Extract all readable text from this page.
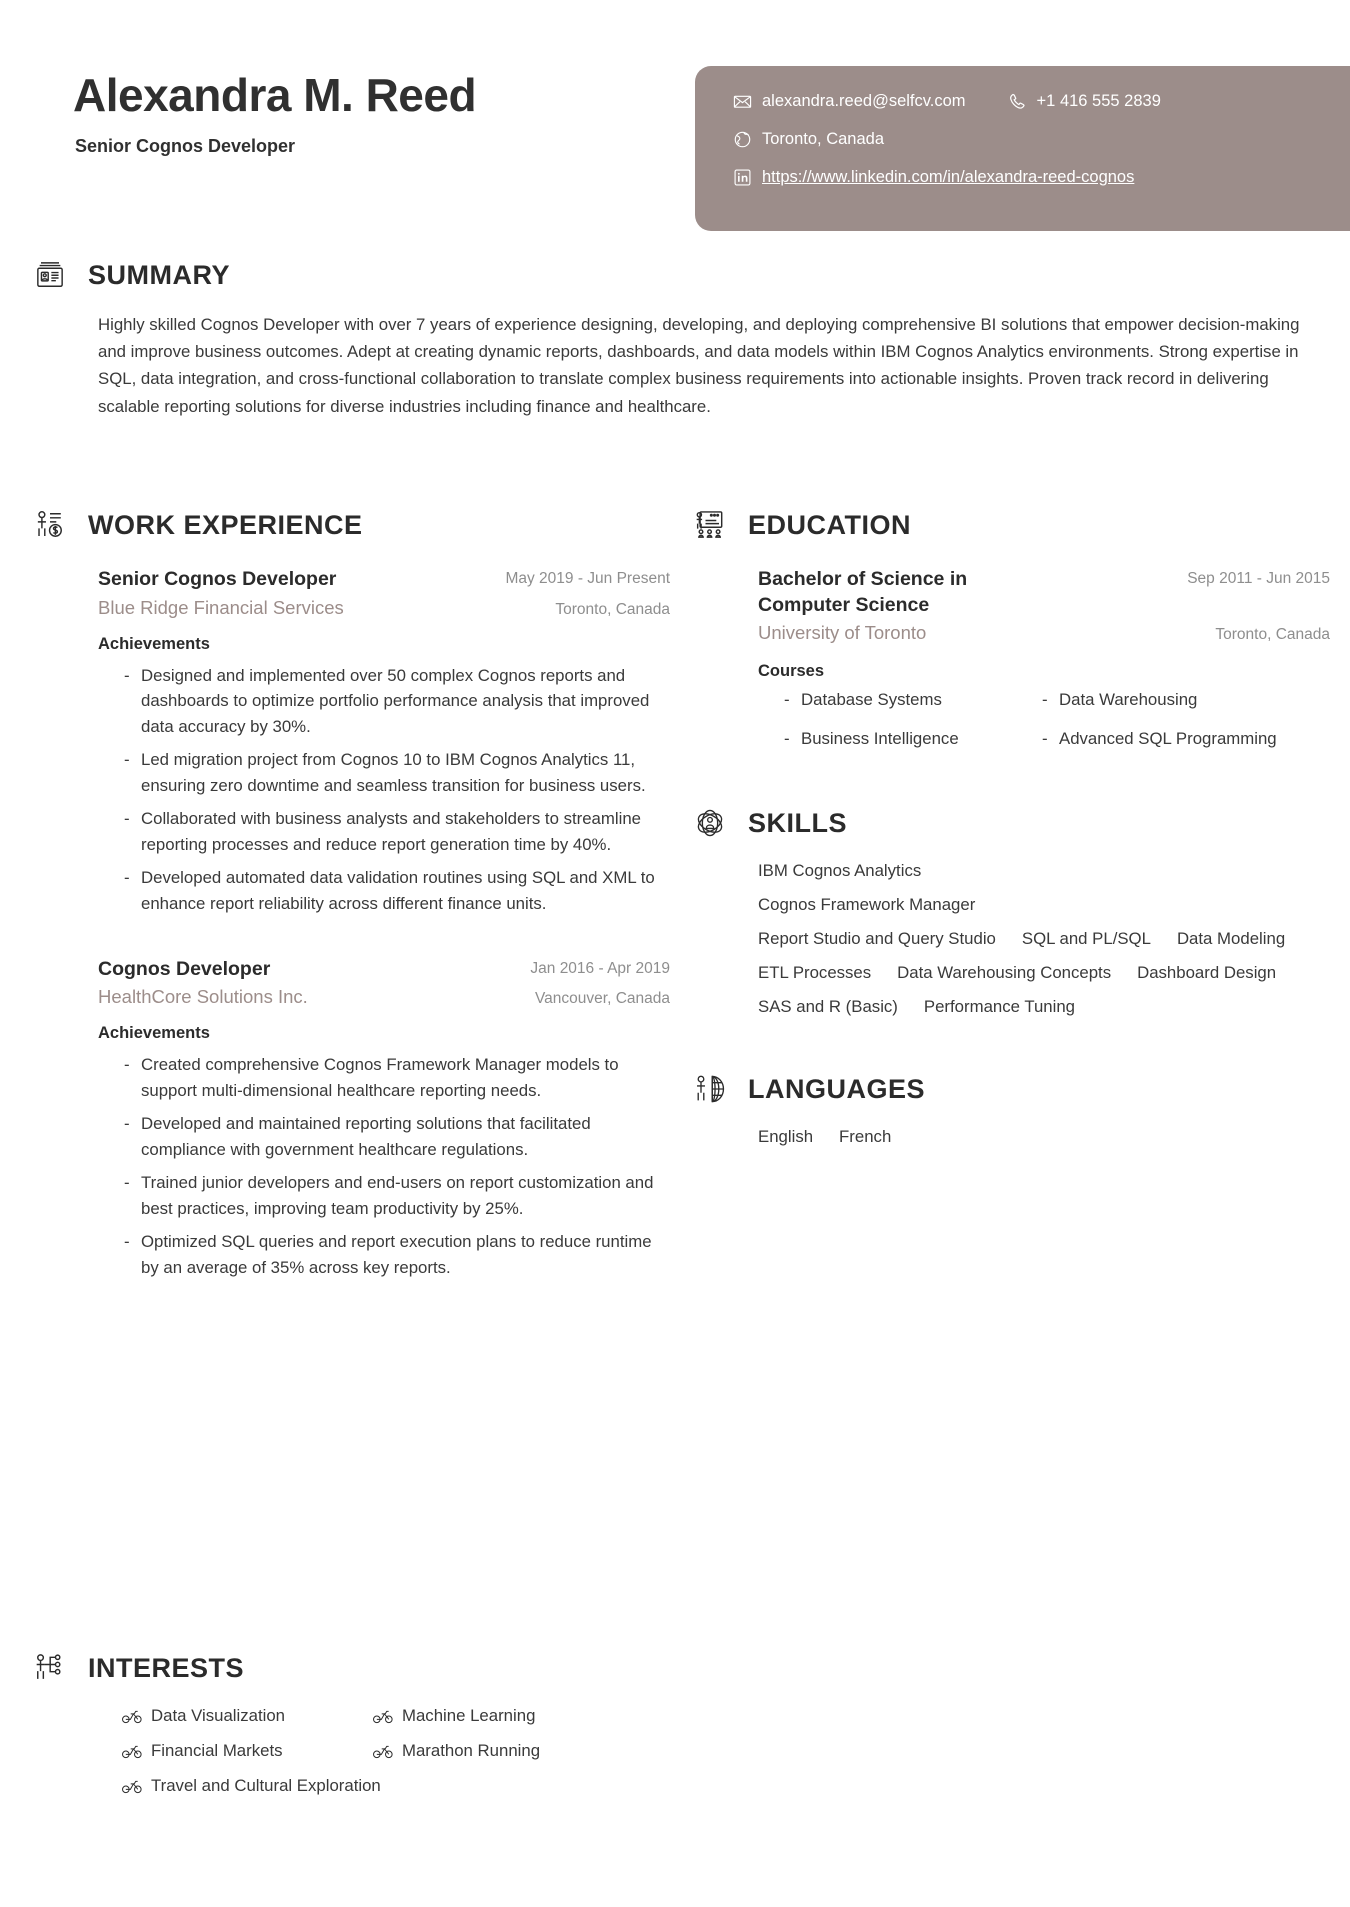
Alexandra M. Reed
Senior Cognos Developer
alexandra.reed@selfcv.com	+1 416 555 2839
Toronto, Canada
https://www.linkedin.com/in/alexandra-reed-cognos
SUMMARY
Highly skilled Cognos Developer with over 7 years of experience designing, developing, and deploying comprehensive BI solutions that empower decision-making and improve business outcomes. Adept at creating dynamic reports, dashboards, and data models within IBM Cognos Analytics environments. Strong expertise in SQL, data integration, and cross-functional collaboration to translate complex business requirements into actionable insights. Proven track record in delivering scalable reporting solutions for diverse industries including finance and healthcare.
WORK EXPERIENCE
Senior Cognos Developer	May 2019 - Jun Present
Blue Ridge Financial Services	Toronto, Canada
Achievements
- Designed and implemented over 50 complex Cognos reports and dashboards to optimize portfolio performance analysis that improved data accuracy by 30%.
- Led migration project from Cognos 10 to IBM Cognos Analytics 11, ensuring zero downtime and seamless transition for business users.
- Collaborated with business analysts and stakeholders to streamline reporting processes and reduce report generation time by 40%.
- Developed automated data validation routines using SQL and XML to enhance report reliability across different finance units.
Cognos Developer	Jan 2016 - Apr 2019
HealthCore Solutions Inc.	Vancouver, Canada
Achievements
- Created comprehensive Cognos Framework Manager models to support multi-dimensional healthcare reporting needs.
- Developed and maintained reporting solutions that facilitated compliance with government healthcare regulations.
- Trained junior developers and end-users on report customization and best practices, improving team productivity by 25%.
- Optimized SQL queries and report execution plans to reduce runtime by an average of 35% across key reports.
EDUCATION
Bachelor of Science in Computer Science
Sep 2011 - Jun 2015
University of Toronto	Toronto, Canada
Courses
- Database Systems	- Data Warehousing
- Business Intelligence	- Advanced SQL Programming
SKILLS
IBM Cognos Analytics
Cognos Framework Manager
Report Studio and Query Studio SQL and PL/SQL Data Modeling
ETL Processes Data Warehousing Concepts Dashboard Design
SAS and R (Basic) Performance Tuning
LANGUAGES
English French
INTERESTS
Data Visualization	Machine Learning
Financial Markets	Marathon Running
Travel and Cultural Exploration
